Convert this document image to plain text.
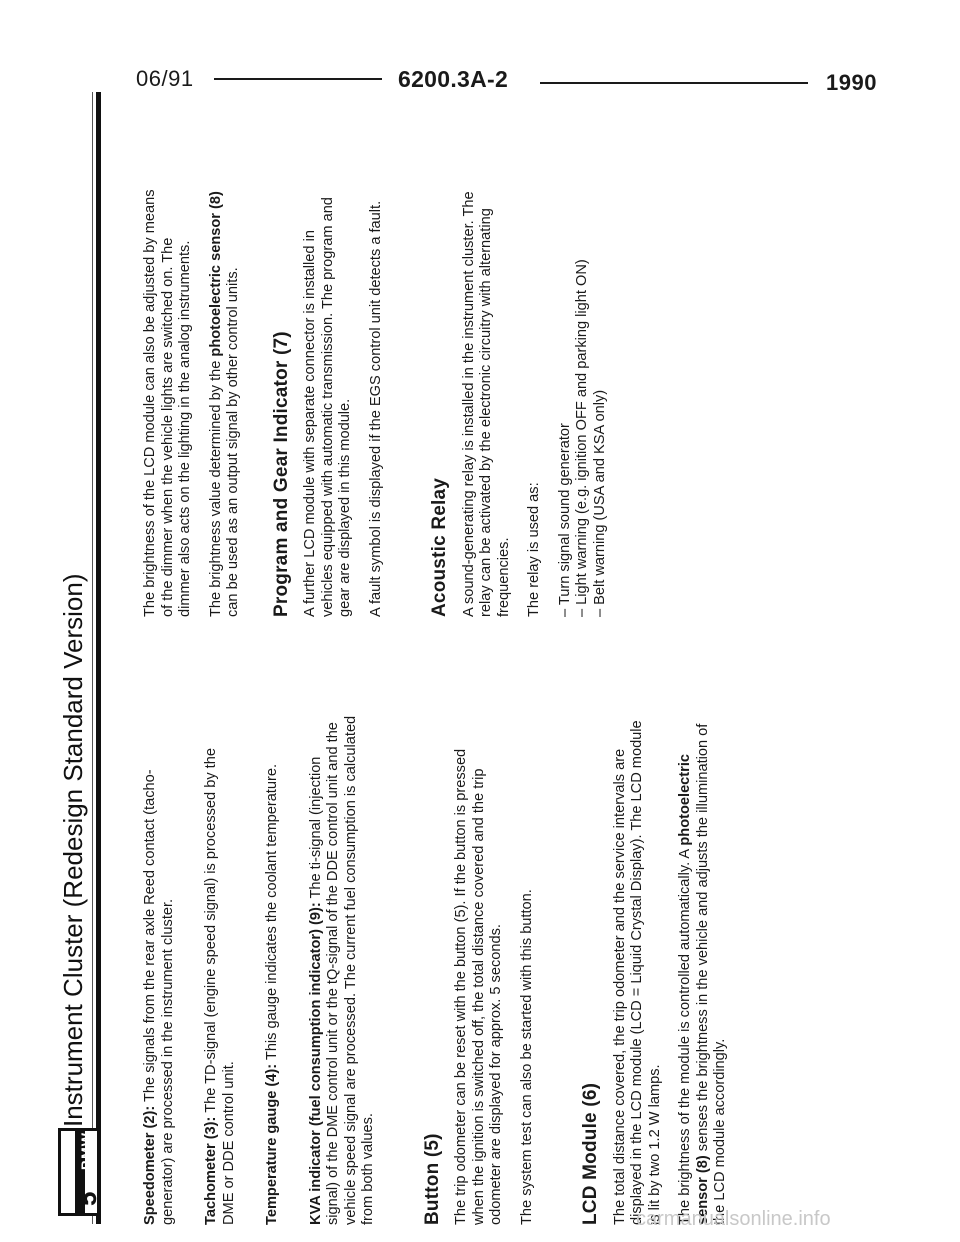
06/91	6200.3A-2	1990
BMW
5
Instrument Cluster (Redesign Standard Version)

Speedometer (2): The signals from the rear axle Reed contact (tacho-generator) are processed in the instrument cluster. Tachometer (3): The TD-signal (engine speed signal) is processed by the DME or DDE control unit. Temperature gauge (4): This gauge indicates the coolant temperature. KVA indicator (fuel consumption indicator) (9): The ti-signal (injection signal) of the DME control unit or the tQ-signal of the DDE control unit and the vehicle speed signal are processed. The current fuel consumption is calculated from both values. Button (5) The trip odometer can be reset with the button (5). If the button is pressed when the ignition is switched off, the total distance covered and the trip odometer are displayed for approx. 5 seconds. The system test can also be started with this button. LCD Module (6) The total distance covered, the trip odometer and the service intervals are displayed in the LCD module (LCD = Liquid Crystal Display). The LCD module is lit by two 1.2 W lamps. The brightness of the module is controlled automatically. A photoelectric sensor (8) senses the brightness in the vehicle and adjusts the illumination of the LCD module accordingly.

The brightness of the LCD module can also be adjusted by means of the dimmer when the vehicle lights are switched on. The dimmer also acts on the lighting in the analog instruments. The brightness value determined by the photoelectric sensor (8) can be used as an output signal by other control units. Program and Gear Indicator (7) A further LCD module with separate connector is installed in vehicles equipped with automatic transmission. The program and gear are displayed in this module. A fault symbol is displayed if the EGS control unit detects a fault. Acoustic Relay A sound-generating relay is installed in the instrument cluster. The relay can be activated by the electronic circuitry with alternating frequencies. The relay is used as: – Turn signal sound generator – Light warning (e.g. ignition OFF and parking light ON) – Belt warning (USA and KSA only)
carmanualsonline.info
